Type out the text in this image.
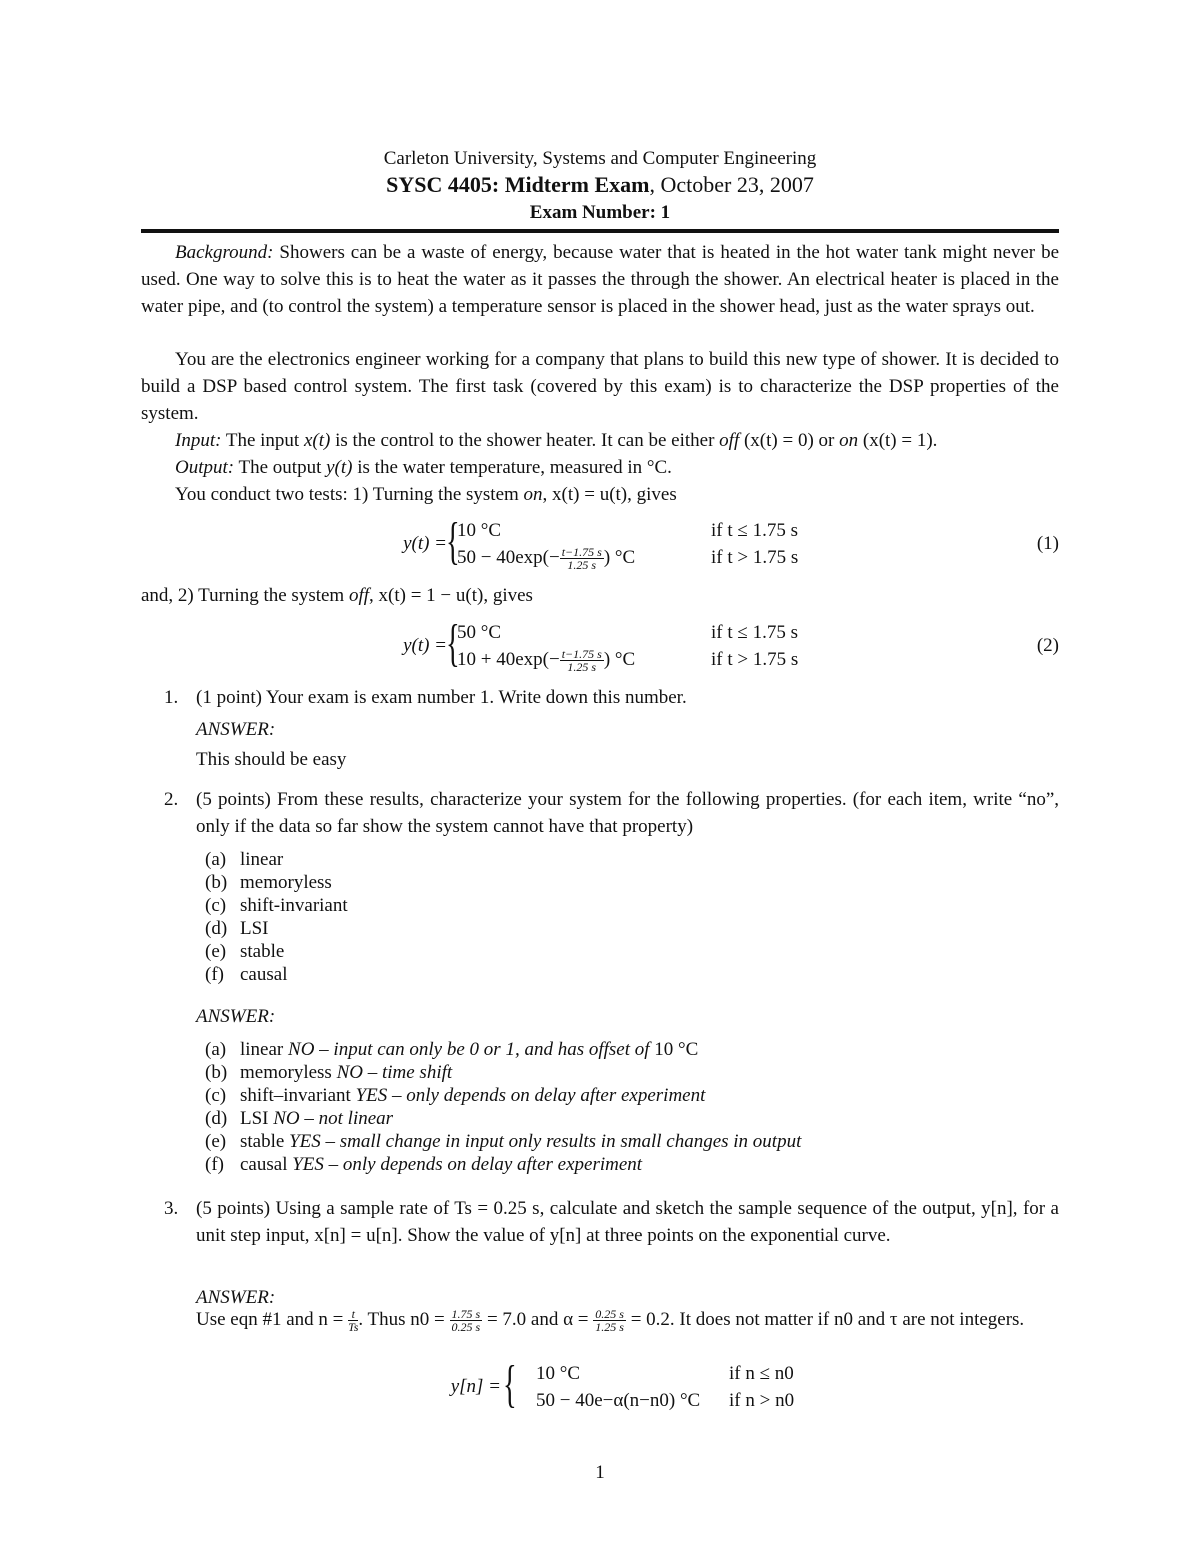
Carleton University, Systems and Computer Engineering
SYSC 4405: Midterm Exam, October 23, 2007
Exam Number: 1
Background: Showers can be a waste of energy, because water that is heated in the hot water tank might never be used. One way to solve this is to heat the water as it passes the through the shower. An electrical heater is placed in the water pipe, and (to control the system) a temperature sensor is placed in the shower head, just as the water sprays out.
You are the electronics engineer working for a company that plans to build this new type of shower. It is decided to build a DSP based control system. The first task (covered by this exam) is to characterize the DSP properties of the system.
Input: The input x(t) is the control to the shower heater. It can be either off (x(t) = 0) or on (x(t) = 1).
Output: The output y(t) is the water temperature, measured in °C.
You conduct two tests: 1) Turning the system on, x(t) = u(t), gives
y(t) = {
10 °C	if t ≤ 1.75 s
$50 - 40\exp(- \frac{t-1.75 s}{1.25 s}$ ) °C	if t > 1.75 s
(1)
and, 2) Turning the system off, x(t) = 1 − u(t), gives
y(t) = {
50 °C	if t ≤ 1.75 s
$10 + 40\exp(- \frac{t-1.75 s}{1.25 s}$ ) °C	if t > 1.75 s
(2)
1. (1 point) Your exam is exam number 1. Write down this number.
ANSWER:
This should be easy
2. (5 points) From these results, characterize your system for the following properties. (for each item, write “no”, only if the data so far show the system cannot have that property)
(a) linear
(b) memoryless
(c) shift-invariant
(d) LSI
(e) stable
(f) causal
ANSWER:
(a) linear NO – input can only be 0 or 1, and has offset of 10 °C
(b) memoryless NO – time shift
(c) shift–invariant YES – only depends on delay after experiment
(d) LSI NO – not linear
(e) stable YES – small change in input only results in small changes in output
(f) causal YES – only depends on delay after experiment
3. (5 points) Using a sample rate of Ts = 0.25 s, calculate and sketch the sample sequence of the output, y[n], for a unit step input, x[n] = u[n]. Show the value of y[n] at three points on the exponential curve.
ANSWER:
Use eqn #1 and $n = \frac{t}{Ts}$ . Thus $n0 = \frac{1.75 s}{0.25 s} = 7.0$ and $\alpha = \frac{0.25 s}{1.25 s} = 0.2$. It does not matter if n0 and τ are not integers.
y[n] = { 10 °C	if n ≤ n0
50 − 40e−α(n−n0) °C if n > n0
1
